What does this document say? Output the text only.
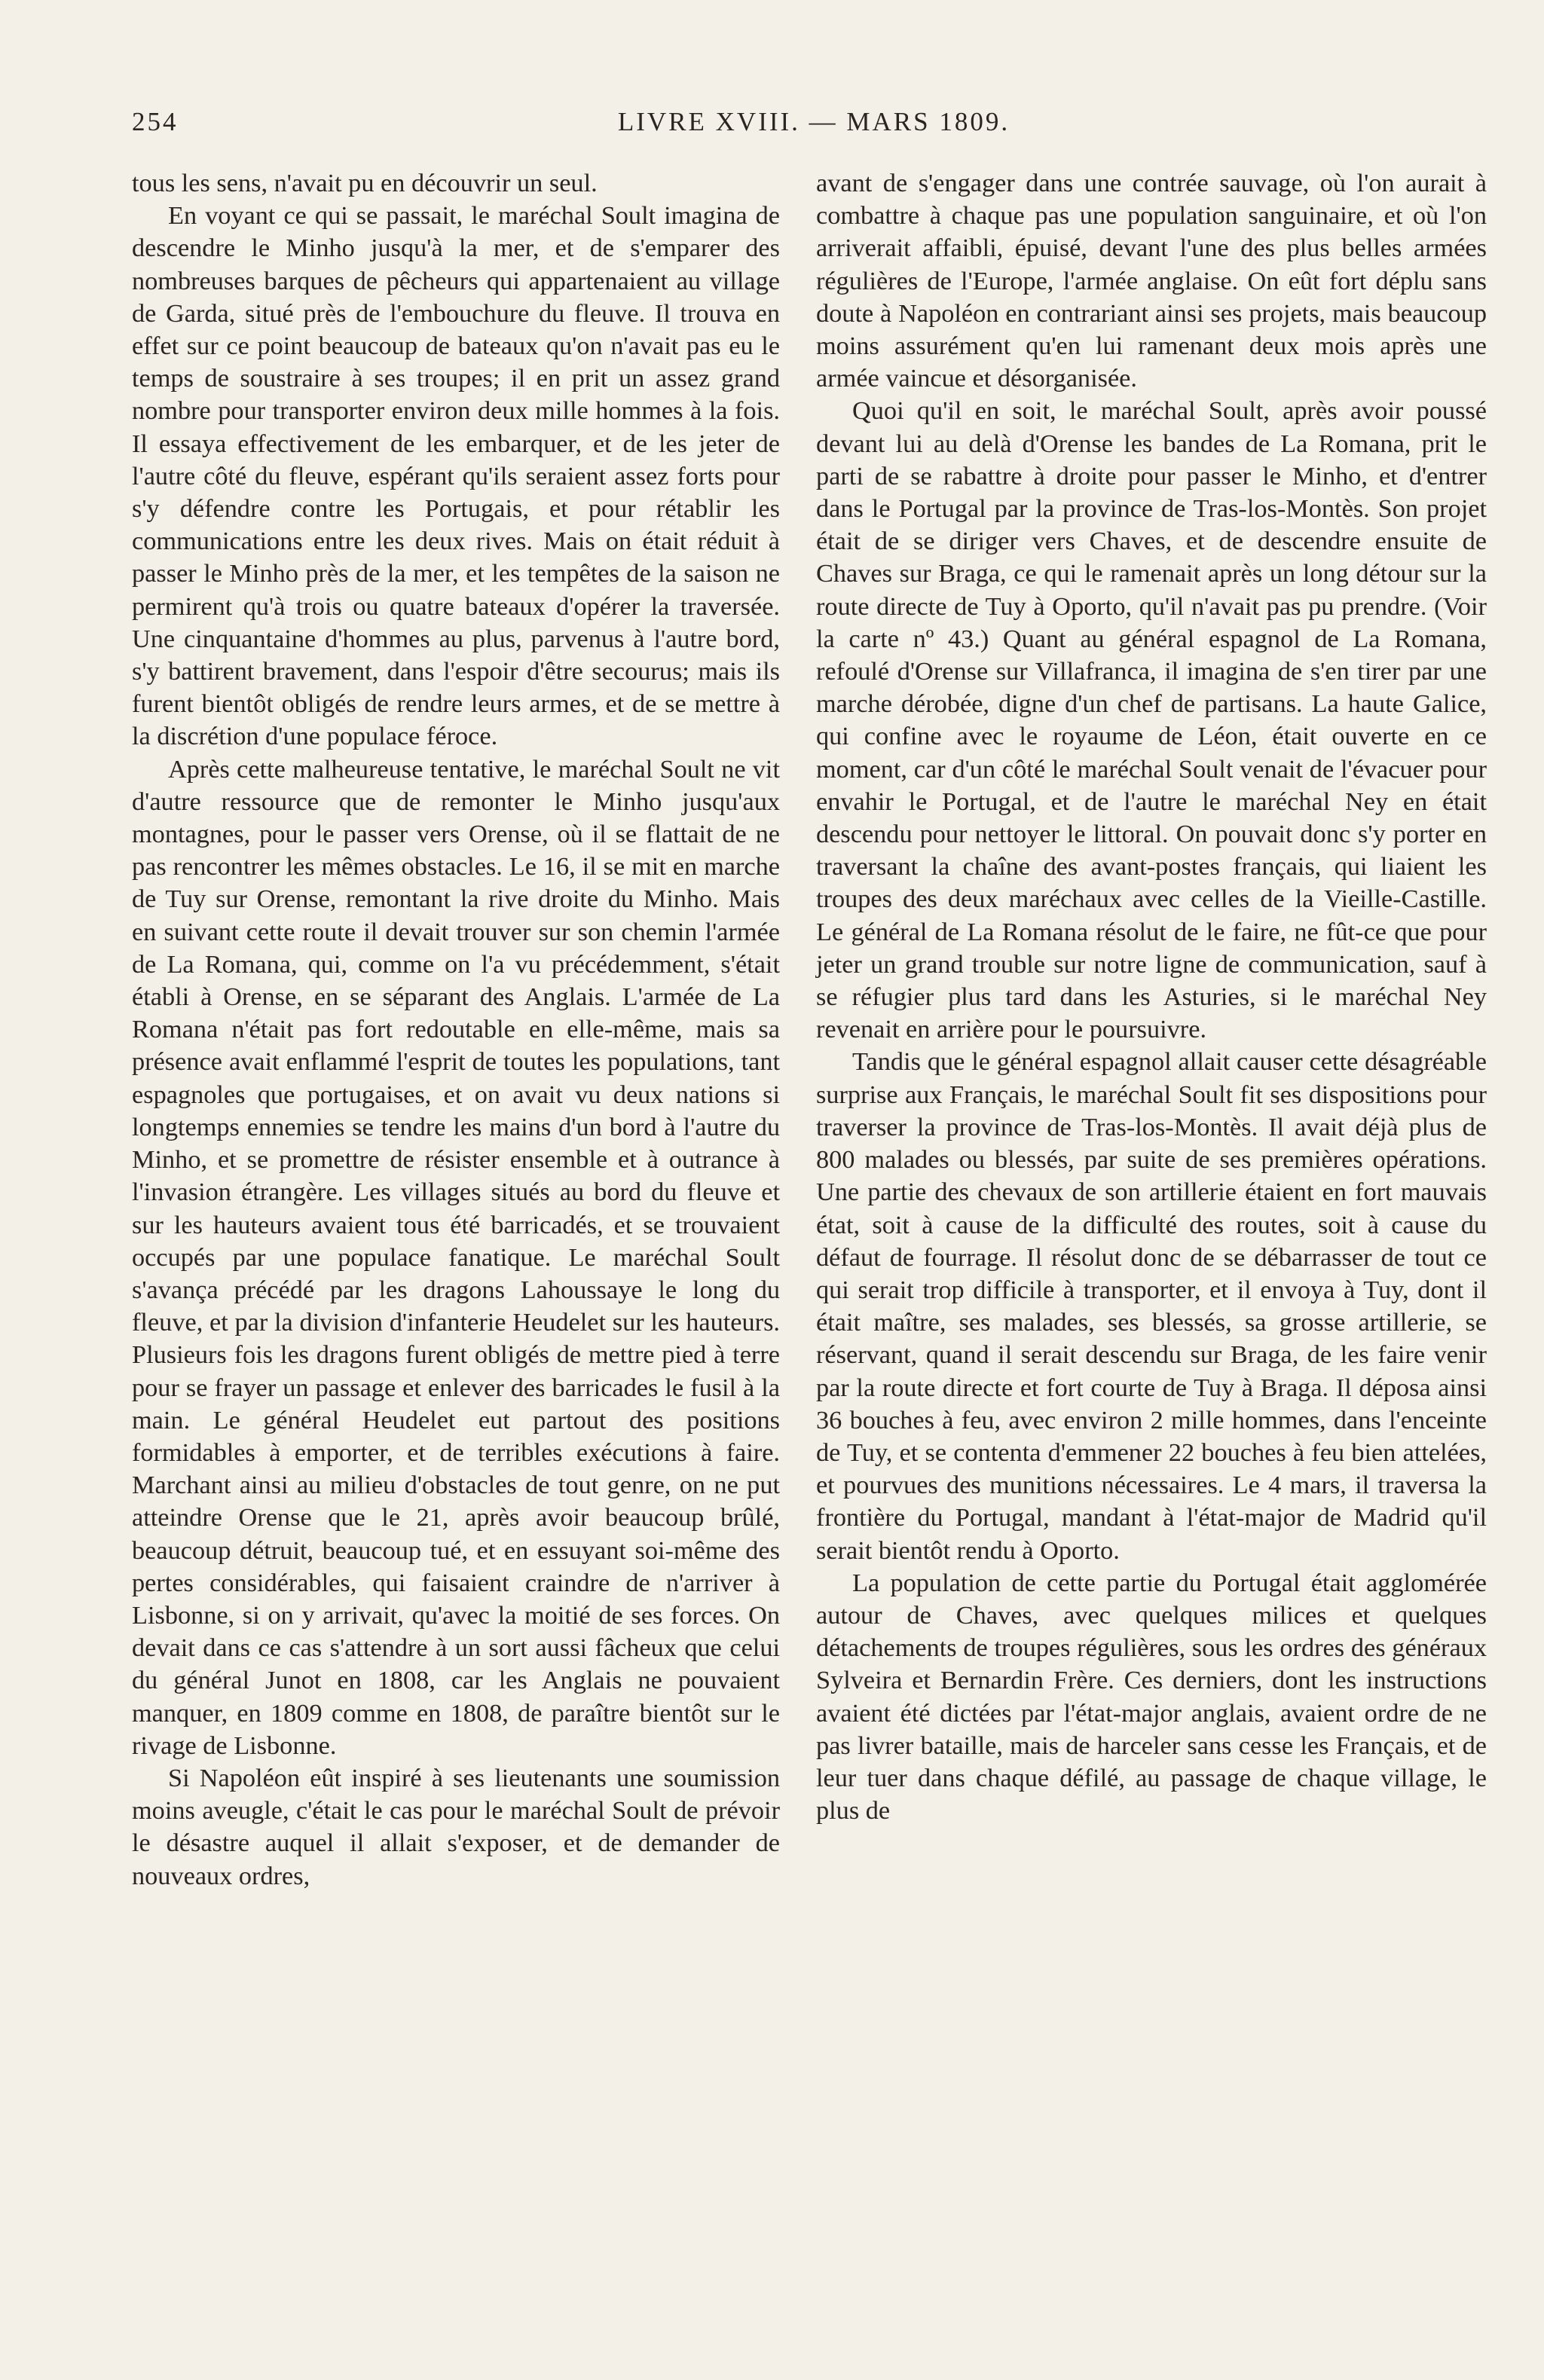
254	LIVRE XVIII. — MARS 1809.

tous les sens, n'avait pu en découvrir un seul.

En voyant ce qui se passait, le maréchal Soult imagina de descendre le Minho jusqu'à la mer, et de s'emparer des nombreuses barques de pêcheurs qui appartenaient au village de Garda, situé près de l'embouchure du fleuve. Il trouva en effet sur ce point beaucoup de bateaux qu'on n'avait pas eu le temps de soustraire à ses troupes; il en prit un assez grand nombre pour transporter environ deux mille hommes à la fois. Il essaya effectivement de les embarquer, et de les jeter de l'autre côté du fleuve, espérant qu'ils seraient assez forts pour s'y défendre contre les Portugais, et pour rétablir les communications entre les deux rives. Mais on était réduit à passer le Minho près de la mer, et les tempêtes de la saison ne permirent qu'à trois ou quatre bateaux d'opérer la traversée. Une cinquantaine d'hommes au plus, parvenus à l'autre bord, s'y battirent bravement, dans l'espoir d'être secourus; mais ils furent bientôt obligés de rendre leurs armes, et de se mettre à la discrétion d'une populace féroce.

Après cette malheureuse tentative, le maréchal Soult ne vit d'autre ressource que de remonter le Minho jusqu'aux montagnes, pour le passer vers Orense, où il se flattait de ne pas rencontrer les mêmes obstacles. Le 16, il se mit en marche de Tuy sur Orense, remontant la rive droite du Minho. Mais en suivant cette route il devait trouver sur son chemin l'armée de La Romana, qui, comme on l'a vu précédemment, s'était établi à Orense, en se séparant des Anglais. L'armée de La Romana n'était pas fort redoutable en elle-même, mais sa présence avait enflammé l'esprit de toutes les populations, tant espagnoles que portugaises, et on avait vu deux nations si longtemps ennemies se tendre les mains d'un bord à l'autre du Minho, et se promettre de résister ensemble et à outrance à l'invasion étrangère. Les villages situés au bord du fleuve et sur les hauteurs avaient tous été barricadés, et se trouvaient occupés par une populace fanatique. Le maréchal Soult s'avança précédé par les dragons Lahoussaye le long du fleuve, et par la division d'infanterie Heudelet sur les hauteurs. Plusieurs fois les dragons furent obligés de mettre pied à terre pour se frayer un passage et enlever des barricades le fusil à la main. Le général Heudelet eut partout des positions formidables à emporter, et de terribles exécutions à faire. Marchant ainsi au milieu d'obstacles de tout genre, on ne put atteindre Orense que le 21, après avoir beaucoup brûlé, beaucoup détruit, beaucoup tué, et en essuyant soi-même des pertes considérables, qui faisaient craindre de n'arriver à Lisbonne, si on y arrivait, qu'avec la moitié de ses forces. On devait dans ce cas s'attendre à un sort aussi fâcheux que celui du général Junot en 1808, car les Anglais ne pouvaient manquer, en 1809 comme en 1808, de paraître bientôt sur le rivage de Lisbonne.

Si Napoléon eût inspiré à ses lieutenants une soumission moins aveugle, c'était le cas pour le maréchal Soult de prévoir le désastre auquel il allait s'exposer, et de demander de nouveaux ordres,

avant de s'engager dans une contrée sauvage, où l'on aurait à combattre à chaque pas une population sanguinaire, et où l'on arriverait affaibli, épuisé, devant l'une des plus belles armées régulières de l'Europe, l'armée anglaise. On eût fort déplu sans doute à Napoléon en contrariant ainsi ses projets, mais beaucoup moins assurément qu'en lui ramenant deux mois après une armée vaincue et désorganisée.

Quoi qu'il en soit, le maréchal Soult, après avoir poussé devant lui au delà d'Orense les bandes de La Romana, prit le parti de se rabattre à droite pour passer le Minho, et d'entrer dans le Portugal par la province de Tras-los-Montès. Son projet était de se diriger vers Chaves, et de descendre ensuite de Chaves sur Braga, ce qui le ramenait après un long détour sur la route directe de Tuy à Oporto, qu'il n'avait pas pu prendre. (Voir la carte nº 43.) Quant au général espagnol de La Romana, refoulé d'Orense sur Villafranca, il imagina de s'en tirer par une marche dérobée, digne d'un chef de partisans. La haute Galice, qui confine avec le royaume de Léon, était ouverte en ce moment, car d'un côté le maréchal Soult venait de l'évacuer pour envahir le Portugal, et de l'autre le maréchal Ney en était descendu pour nettoyer le littoral. On pouvait donc s'y porter en traversant la chaîne des avant-postes français, qui liaient les troupes des deux maréchaux avec celles de la Vieille-Castille. Le général de La Romana résolut de le faire, ne fût-ce que pour jeter un grand trouble sur notre ligne de communication, sauf à se réfugier plus tard dans les Asturies, si le maréchal Ney revenait en arrière pour le poursuivre.

Tandis que le général espagnol allait causer cette désagréable surprise aux Français, le maréchal Soult fit ses dispositions pour traverser la province de Tras-los-Montès. Il avait déjà plus de 800 malades ou blessés, par suite de ses premières opérations. Une partie des chevaux de son artillerie étaient en fort mauvais état, soit à cause de la difficulté des routes, soit à cause du défaut de fourrage. Il résolut donc de se débarrasser de tout ce qui serait trop difficile à transporter, et il envoya à Tuy, dont il était maître, ses malades, ses blessés, sa grosse artillerie, se réservant, quand il serait descendu sur Braga, de les faire venir par la route directe et fort courte de Tuy à Braga. Il déposa ainsi 36 bouches à feu, avec environ 2 mille hommes, dans l'enceinte de Tuy, et se contenta d'emmener 22 bouches à feu bien attelées, et pourvues des munitions nécessaires. Le 4 mars, il traversa la frontière du Portugal, mandant à l'état-major de Madrid qu'il serait bientôt rendu à Oporto.

La population de cette partie du Portugal était agglomérée autour de Chaves, avec quelques milices et quelques détachements de troupes régulières, sous les ordres des généraux Sylveira et Bernardin Frère. Ces derniers, dont les instructions avaient été dictées par l'état-major anglais, avaient ordre de ne pas livrer bataille, mais de harceler sans cesse les Français, et de leur tuer dans chaque défilé, au passage de chaque village, le plus de
